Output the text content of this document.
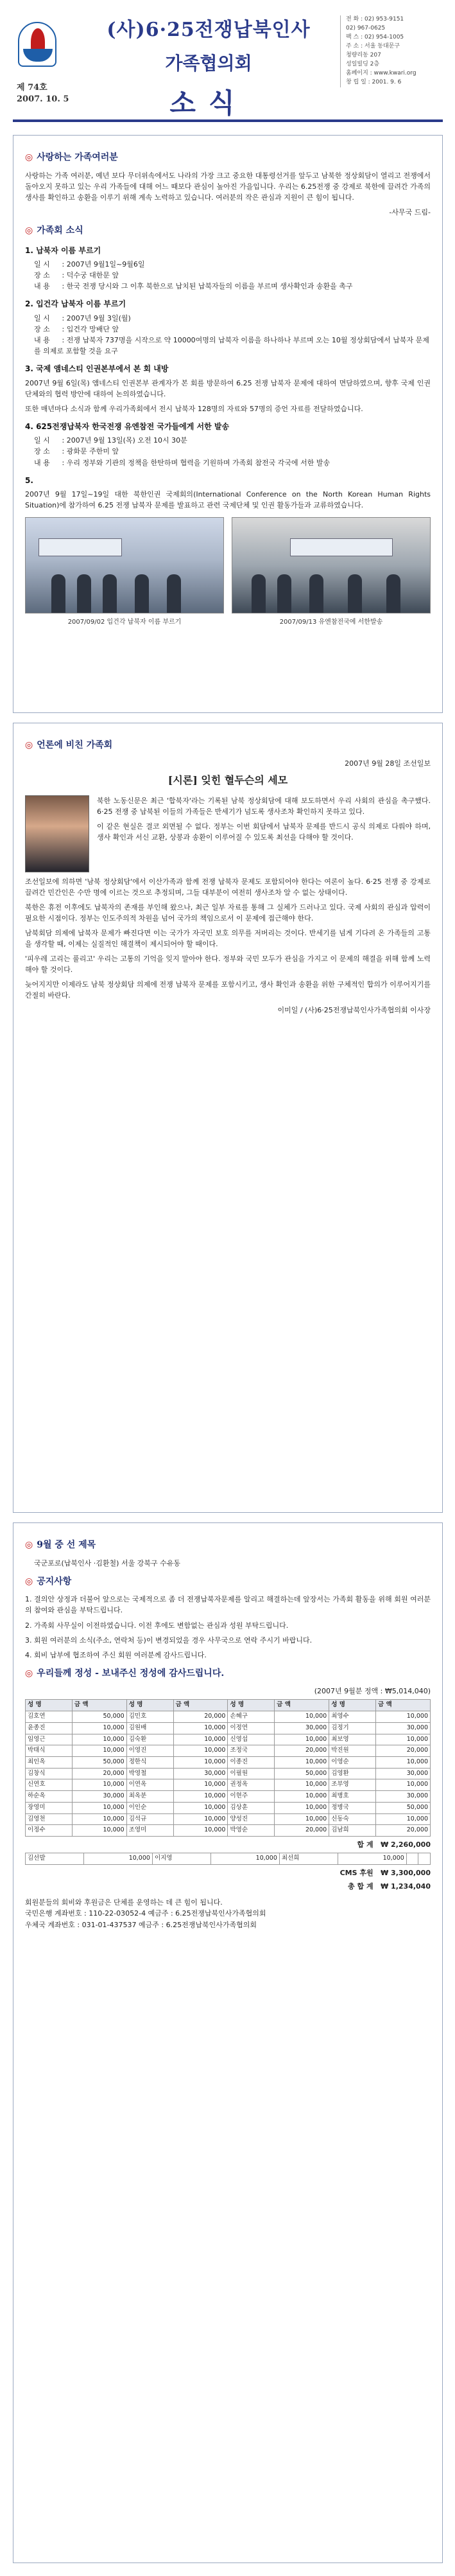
제 74호
2007. 10. 5
(사)6·25전쟁납북인사
가족협의회
소식
전 화 : 02) 953-9151
02) 967-0625
팩 스 : 02) 954-1005
주 소 : 서울 동대문구
청량리동 207
성일빌딩 2층
홈페이지 : www.kwari.org
창 립 일 : 2001. 9. 6
◎ 사랑하는 가족여러분
사랑하는 가족 여러분, 예년 보다 무더위속에서도 나라의 가장 크고 중요한 대통령선거를 앞두고 남북한 정상회담이 열리고 전쟁에서 돌아오지 못하고 있는 우리 가족들에 대해 어느 때보다 관심이 높아진 가을입니다. 우리는 6.25전쟁 중 강제로 북한에 끌려간 가족의 생사를 확인하고 송환을 이루기 위해 계속 노력하고 있습니다. 여러분의 작은 관심과 지원이 큰 힘이 됩니다.
-사무국 드림-
◎ 가족회 소식
1. 납북자 이름 부르기
일 시 : 2007년 9월1일~9월6일
장 소 : 덕수궁 대한문 앞
내 용 : 한국 전쟁 당시와 그 이후 북한으로 납치된 납북자들의 이름을 부르며 생사확인과 송환을 촉구
2. 입건각 납북자 이름 부르기
일 시 : 2007년 9월 3일(월)
장 소 : 입건각 망배단 앞
내 용 : 전쟁 납북자 737명을 시작으로 약 10000여명의 납북자 이름을 하나하나 부르며 오는 10월 정상회담에서 납북자 문제를 의제로 포함할 것을 요구
3. 국제 앰네스티 인권본부에서 본 회 내방
2007년 9월 6일(목) 앰네스티 인권본부 관계자가 본 회를 방문하여 6.25 전쟁 납북자 문제에 대하여 면담하였으며, 향후 국제 인권단체와의 협력 방안에 대하여 논의하였습니다.
또한 매년마다 소식과 함께 우리가족회에서 전시 납북자 128명의 자료와 57명의 증언 자료를 전달하였습니다.
4. 625전쟁납북자 한국전쟁 유엔참전 국가들에게 서한 발송
일 시 : 2007년 9월 13일(목) 오전 10시 30분
장 소 : 광화문 주한미 앞
내 용 : 우리 정부와 기관의 정책을 한탄하며 협력을 기원하며 가족회 참전국 각국에 서한 발송
5.
2007년 9월 17일~19일 대한 북한인권 국제회의(International Conference on the North Korean Human Rights Situation)에 참가하여 6.25 전쟁 납북자 문제를 발표하고 관련 국제단체 및 인권 활동가들과 교류하였습니다.
2007/09/02 입건각 납북자 이름 부르기	2007/09/13 유엔참전국에 서한발송
◎ 언론에 비친 가족회
2007년 9월 28일 조선일보
[시론] 잊힌 혈두슨의 세모
북한 노동신문은 최근 '합북자'라는 기록된 남북 정상회담에 대해 보도하면서 우리 사회의 관심을 촉구했다. 6·25 전쟁 중 납북된 이들의 가족들은 반세기가 넘도록 생사조차 확인하지 못하고 있다.
이 같은 현실은 결코 외면될 수 없다. 정부는 이번 회담에서 납북자 문제를 반드시 공식 의제로 다뤄야 하며, 생사 확인과 서신 교환, 상봉과 송환이 이루어질 수 있도록 최선을 다해야 할 것이다.
조선일보에 의하면 '남북 정상회담'에서 이산가족과 함께 전쟁 납북자 문제도 포함되어야 한다는 여론이 높다. 6·25 전쟁 중 강제로 끌려간 민간인은 수만 명에 이르는 것으로 추정되며, 그들 대부분이 여전히 생사조차 알 수 없는 상태이다.
북한은 휴전 이후에도 납북자의 존재를 부인해 왔으나, 최근 일부 자료를 통해 그 실체가 드러나고 있다. 국제 사회의 관심과 압력이 필요한 시점이다. 정부는 인도주의적 차원을 넘어 국가의 책임으로서 이 문제에 접근해야 한다.
남북회담 의제에 납북자 문제가 빠진다면 이는 국가가 자국민 보호 의무를 저버리는 것이다. 반세기를 넘게 기다려 온 가족들의 고통을 생각할 때, 이제는 실질적인 해결책이 제시되어야 할 때이다.
'피우레 고리는 풀리고' 우리는 고통의 기억을 잊지 말아야 한다. 정부와 국민 모두가 관심을 가지고 이 문제의 해결을 위해 함께 노력해야 할 것이다.
늦어지지만 이제라도 남북 정상회담 의제에 전쟁 납북자 문제를 포함시키고, 생사 확인과 송환을 위한 구체적인 합의가 이루어지기를 간절히 바란다.
이미일 / (사)6·25전쟁납북인사가족협의회 이사장
◎ 9월 중 선 제목
국군포로(납북인사 ·김환철) 서울 강북구 수유동
◎ 공지사항
1. 결의안 상정과 더불어 앞으로는 국제적으로 좀 더 전쟁납북자문제를 알리고 해결하는데 앞장서는 가족회 활동을 위해 회원 여러분의 참여와 관심을 부탁드립니다.
2. 가족회 사무실이 이전하였습니다. 이전 후에도 변함없는 관심과 성원 부탁드립니다.
3. 회원 여러분의 소식(주소, 연락처 등)이 변경되었을 경우 사무국으로 연락 주시기 바랍니다.
4. 회비 납부에 협조하여 주신 회원 여러분께 감사드립니다.
◎ 우리들께 정성 - 보내주신 정성에 감사드립니다.
(2007년 9월분 정액 : ₩5,014,040)
성 명	금 액	성 명	금 액	성 명	금 액	성 명	금 액
김호연	50,000	김민호	20,000	손혜구	10,000	최영수	10,000
윤종진	10,000	김원배	10,000	이정연	30,000	김정기	30,000
임영근	10,000	김숙환	10,000	신영섭	10,000	최보영	10,000
박태식	10,000	이영진	10,000	조정국	20,000	박진원	20,000
최인옥	50,000	정한식	10,000	이종진	10,000	이영순	10,000
김창식	20,000	박영철	30,000	이필원	50,000	김영환	30,000
신연호	10,000	이연옥	10,000	권정옥	10,000	조부영	10,000
하순옥	30,000	최옥분	10,000	이현주	10,000	최병호	30,000
장영미	10,000	이인순	10,000	김상훈	10,000	정병국	50,000
김영천	10,000	김석규	10,000	양성진	10,000	신동숙	10,000
이정수	10,000	조영미	10,000	박영순	20,000	김남희	20,000
합 계 ₩ 2,260,000
김선발	10,000	이지영	10,000	최선희	10,000		
CMS 후원 ₩ 3,300,000
총 합 계 ₩ 1,234,040
회원분들의 회비와 후원금은 단체를 운영하는 데 큰 힘이 됩니다.
국민은행 계좌번호 : 110-22-03052-4 예금주 : 6.25전쟁납북인사가족협의회
우체국 계좌번호 : 031-01-437537 예금주 : 6.25전쟁납북인사가족협의회
